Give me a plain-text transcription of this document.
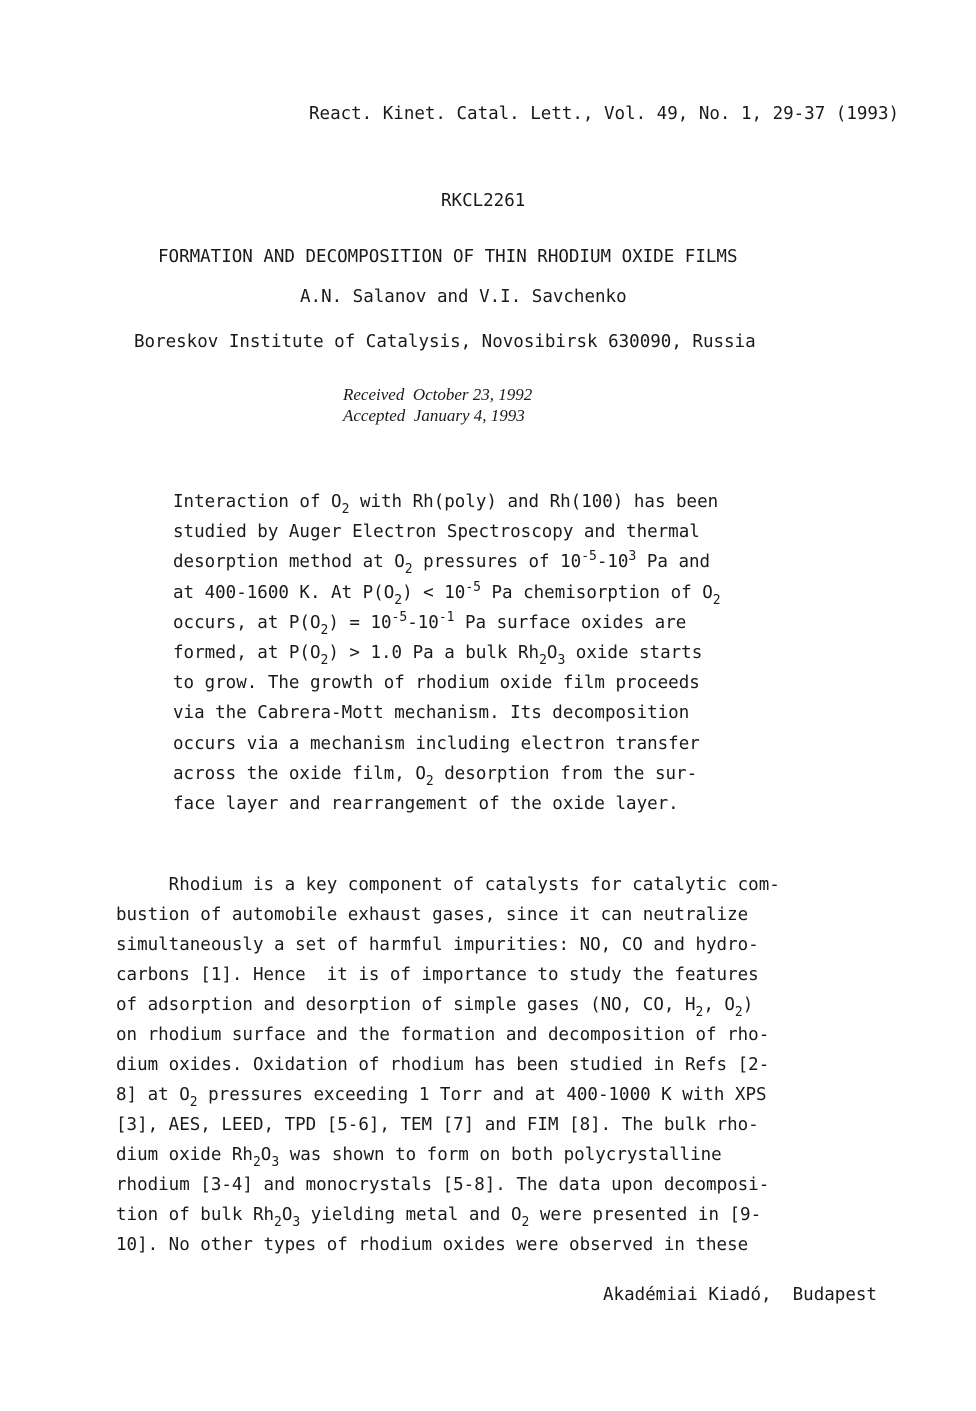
React. Kinet. Catal. Lett., Vol. 49, No. 1, 29-37 (1993)
RKCL2261
FORMATION AND DECOMPOSITION OF THIN RHODIUM OXIDE FILMS
A.N. Salanov and V.I. Savchenko
Boreskov Institute of Catalysis, Novosibirsk 630090, Russia
Received  October 23, 1992
Accepted  January 4, 1993
Interaction of $O_2$ with Rh(poly) and Rh(100) has been
studied by Auger Electron Spectroscopy and thermal
desorption method at $O_2$ pressures of $10^{-5}-10^3$ Pa and
at 400-1600 K. At $P(O_2) < 10^{-5}$ Pa chemisorption of $O_2$
occurs, at $P(O_2) = 10^{-5}-10^{-1}$ Pa surface oxides are
formed, at $P(O_2) > 1.0$ Pa a bulk $Rh_2O_3$ oxide starts
to grow. The growth of rhodium oxide film proceeds
via the Cabrera-Mott mechanism. Its decomposition
occurs via a mechanism including electron transfer
across the oxide film, $O_2$ desorption from the sur-
face layer and rearrangement of the oxide layer.
Rhodium is a key component of catalysts for catalytic com-
bustion of automobile exhaust gases, since it can neutralize
simultaneously a set of harmful impurities: NO, CO and hydro-
carbons [1]. Hence  it is of importance to study the features
of adsorption and desorption of simple gases (NO, CO, $H_2$, $O_2$)
on rhodium surface and the formation and decomposition of rho-
dium oxides. Oxidation of rhodium has been studied in Refs [2-
8] at $O_2$ pressures exceeding 1 Torr and at 400-1000 K with XPS
[3], AES, LEED, TPD [5-6], TEM [7] and FIM [8]. The bulk rho-
dium oxide $Rh_2O_3$ was shown to form on both polycrystalline
rhodium [3-4] and monocrystals [5-8]. The data upon decomposi-
tion of bulk $Rh_2O_3$ yielding metal and $O_2$ were presented in [9-
10]. No other types of rhodium oxides were observed in these
Akadémiai Kiadó,  Budapest
